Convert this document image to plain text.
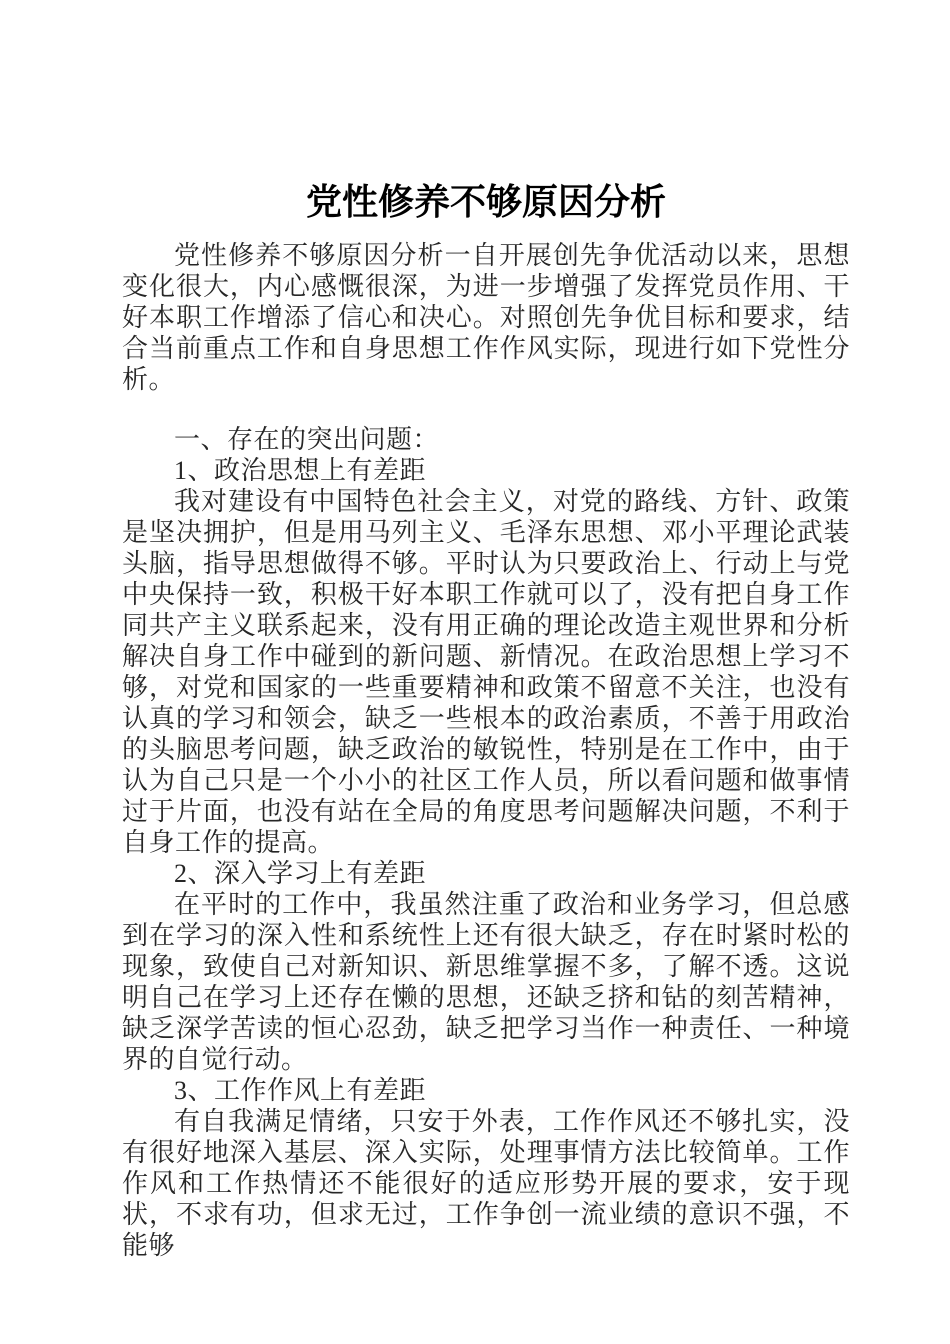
党性修养不够原因分析

党性修养不够原因分析一自开展创先争优活动以来，思想变化很大，内心感慨很深，为进一步增强了发挥党员作用、干好本职工作增添了信心和决心。对照创先争优目标和要求，结合当前重点工作和自身思想工作作风实际，现进行如下党性分析。

一、存在的突出问题：

1、政治思想上有差距

我对建设有中国特色社会主义，对党的路线、方针、政策是坚决拥护，但是用马列主义、毛泽东思想、邓小平理论武装头脑，指导思想做得不够。平时认为只要政治上、行动上与党中央保持一致，积极干好本职工作就可以了，没有把自身工作同共产主义联系起来，没有用正确的理论改造主观世界和分析解决自身工作中碰到的新问题、新情况。在政治思想上学习不够，对党和国家的一些重要精神和政策不留意不关注，也没有认真的学习和领会，缺乏一些根本的政治素质，不善于用政治的头脑思考问题，缺乏政治的敏锐性，特别是在工作中，由于认为自己只是一个小小的社区工作人员，所以看问题和做事情过于片面，也没有站在全局的角度思考问题解决问题，不利于自身工作的提高。

2、深入学习上有差距

在平时的工作中，我虽然注重了政治和业务学习，但总感到在学习的深入性和系统性上还有很大缺乏，存在时紧时松的现象，致使自己对新知识、新思维掌握不多，了解不透。这说明自己在学习上还存在懒的思想，还缺乏挤和钻的刻苦精神，缺乏深学苦读的恒心忍劲，缺乏把学习当作一种责任、一种境界的自觉行动。

3、工作作风上有差距

有自我满足情绪，只安于外表，工作作风还不够扎实，没有很好地深入基层、深入实际，处理事情方法比较简单。工作作风和工作热情还不能很好的适应形势开展的要求，安于现状，不求有功，但求无过，工作争创一流业绩的意识不强，不能够
